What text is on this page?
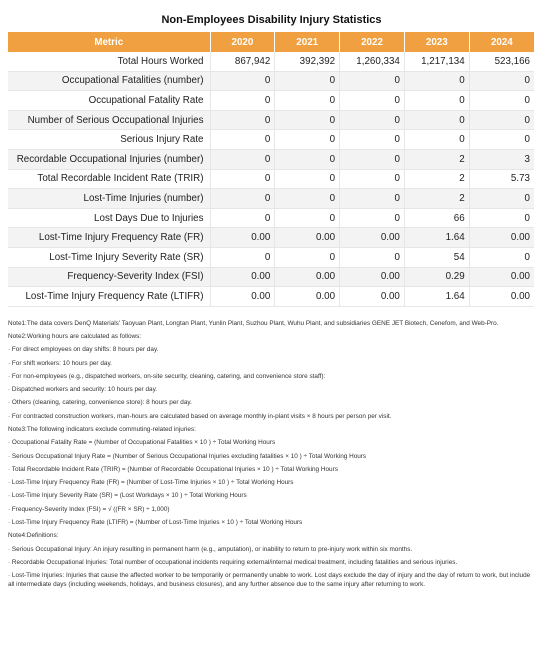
Non-Employees Disability Injury Statistics
Metric	2020	2021	2022	2023	2024
Total Hours Worked	867,942	392,392	1,260,334	1,217,134	523,166
Occupational Fatalities (number)	0	0	0	0	0
Occupational Fatality Rate	0	0	0	0	0
Number of Serious Occupational Injuries	0	0	0	0	0
Serious Injury Rate	0	0	0	0	0
Recordable Occupational Injuries (number)	0	0	0	2	3
Total Recordable Incident Rate (TRIR)	0	0	0	2	5.73
Lost-Time Injuries (number)	0	0	0	2	0
Lost Days Due to Injuries	0	0	0	66	0
Lost-Time Injury Frequency Rate (FR)	0.00	0.00	0.00	1.64	0.00
Lost-Time Injury Severity Rate (SR)	0	0	0	54	0
Frequency-Severity Index (FSI)	0.00	0.00	0.00	0.29	0.00
Lost-Time Injury Frequency Rate (LTIFR)	0.00	0.00	0.00	1.64	0.00

Note1:The data covers DenQ Materials' Taoyuan Plant, Longtan Plant, Yunlin Plant, Suzhou Plant, Wuhu Plant, and subsidiaries GENE JET Biotech, Cenefom, and Web-Pro.

Note2:Working hours are calculated as follows:

· For direct employees on day shifts: 8 hours per day.

· For shift workers: 10 hours per day.

· For non-employees (e.g., dispatched workers, on-site security, cleaning, catering, and convenience store staff):

· Dispatched workers and security: 10 hours per day.

· Others (cleaning, catering, convenience store): 8 hours per day.

· For contracted construction workers, man-hours are calculated based on average monthly in-plant visits × 8 hours per person per visit.

Note3:The following indicators exclude commuting-related injuries:

· Occupational Fatality Rate = (Number of Occupational Fatalities × 10 ) ÷ Total Working Hours

· Serious Occupational Injury Rate = (Number of Serious Occupational Injuries excluding fatalities × 10 ) ÷ Total Working Hours

· Total Recordable Incident Rate (TRIR) = (Number of Recordable Occupational Injuries × 10 ) ÷ Total Working Hours

· Lost-Time Injury Frequency Rate (FR) = (Number of Lost-Time Injuries × 10 ) ÷ Total Working Hours

· Lost-Time Injury Severity Rate (SR) = (Lost Workdays × 10 ) ÷ Total Working Hours

· Frequency-Severity Index (FSI) = √ ((FR × SR) ÷ 1,000)

· Lost-Time Injury Frequency Rate (LTIFR) = (Number of Lost-Time Injuries × 10 ) ÷ Total Working Hours

Note4:Definitions:

· Serious Occupational Injury: An injury resulting in permanent harm (e.g., amputation), or inability to return to pre-injury work within six months.

· Recordable Occupational Injuries: Total number of occupational incidents requiring external/internal medical treatment, including fatalities and serious injuries.

· Lost-Time Injuries: Injuries that cause the affected worker to be temporarily or permanently unable to work. Lost days exclude the day of injury and the day of return to work, but include all intermediate days (including weekends, holidays, and business closures), and any further absence due to the same injury after returning to work.
